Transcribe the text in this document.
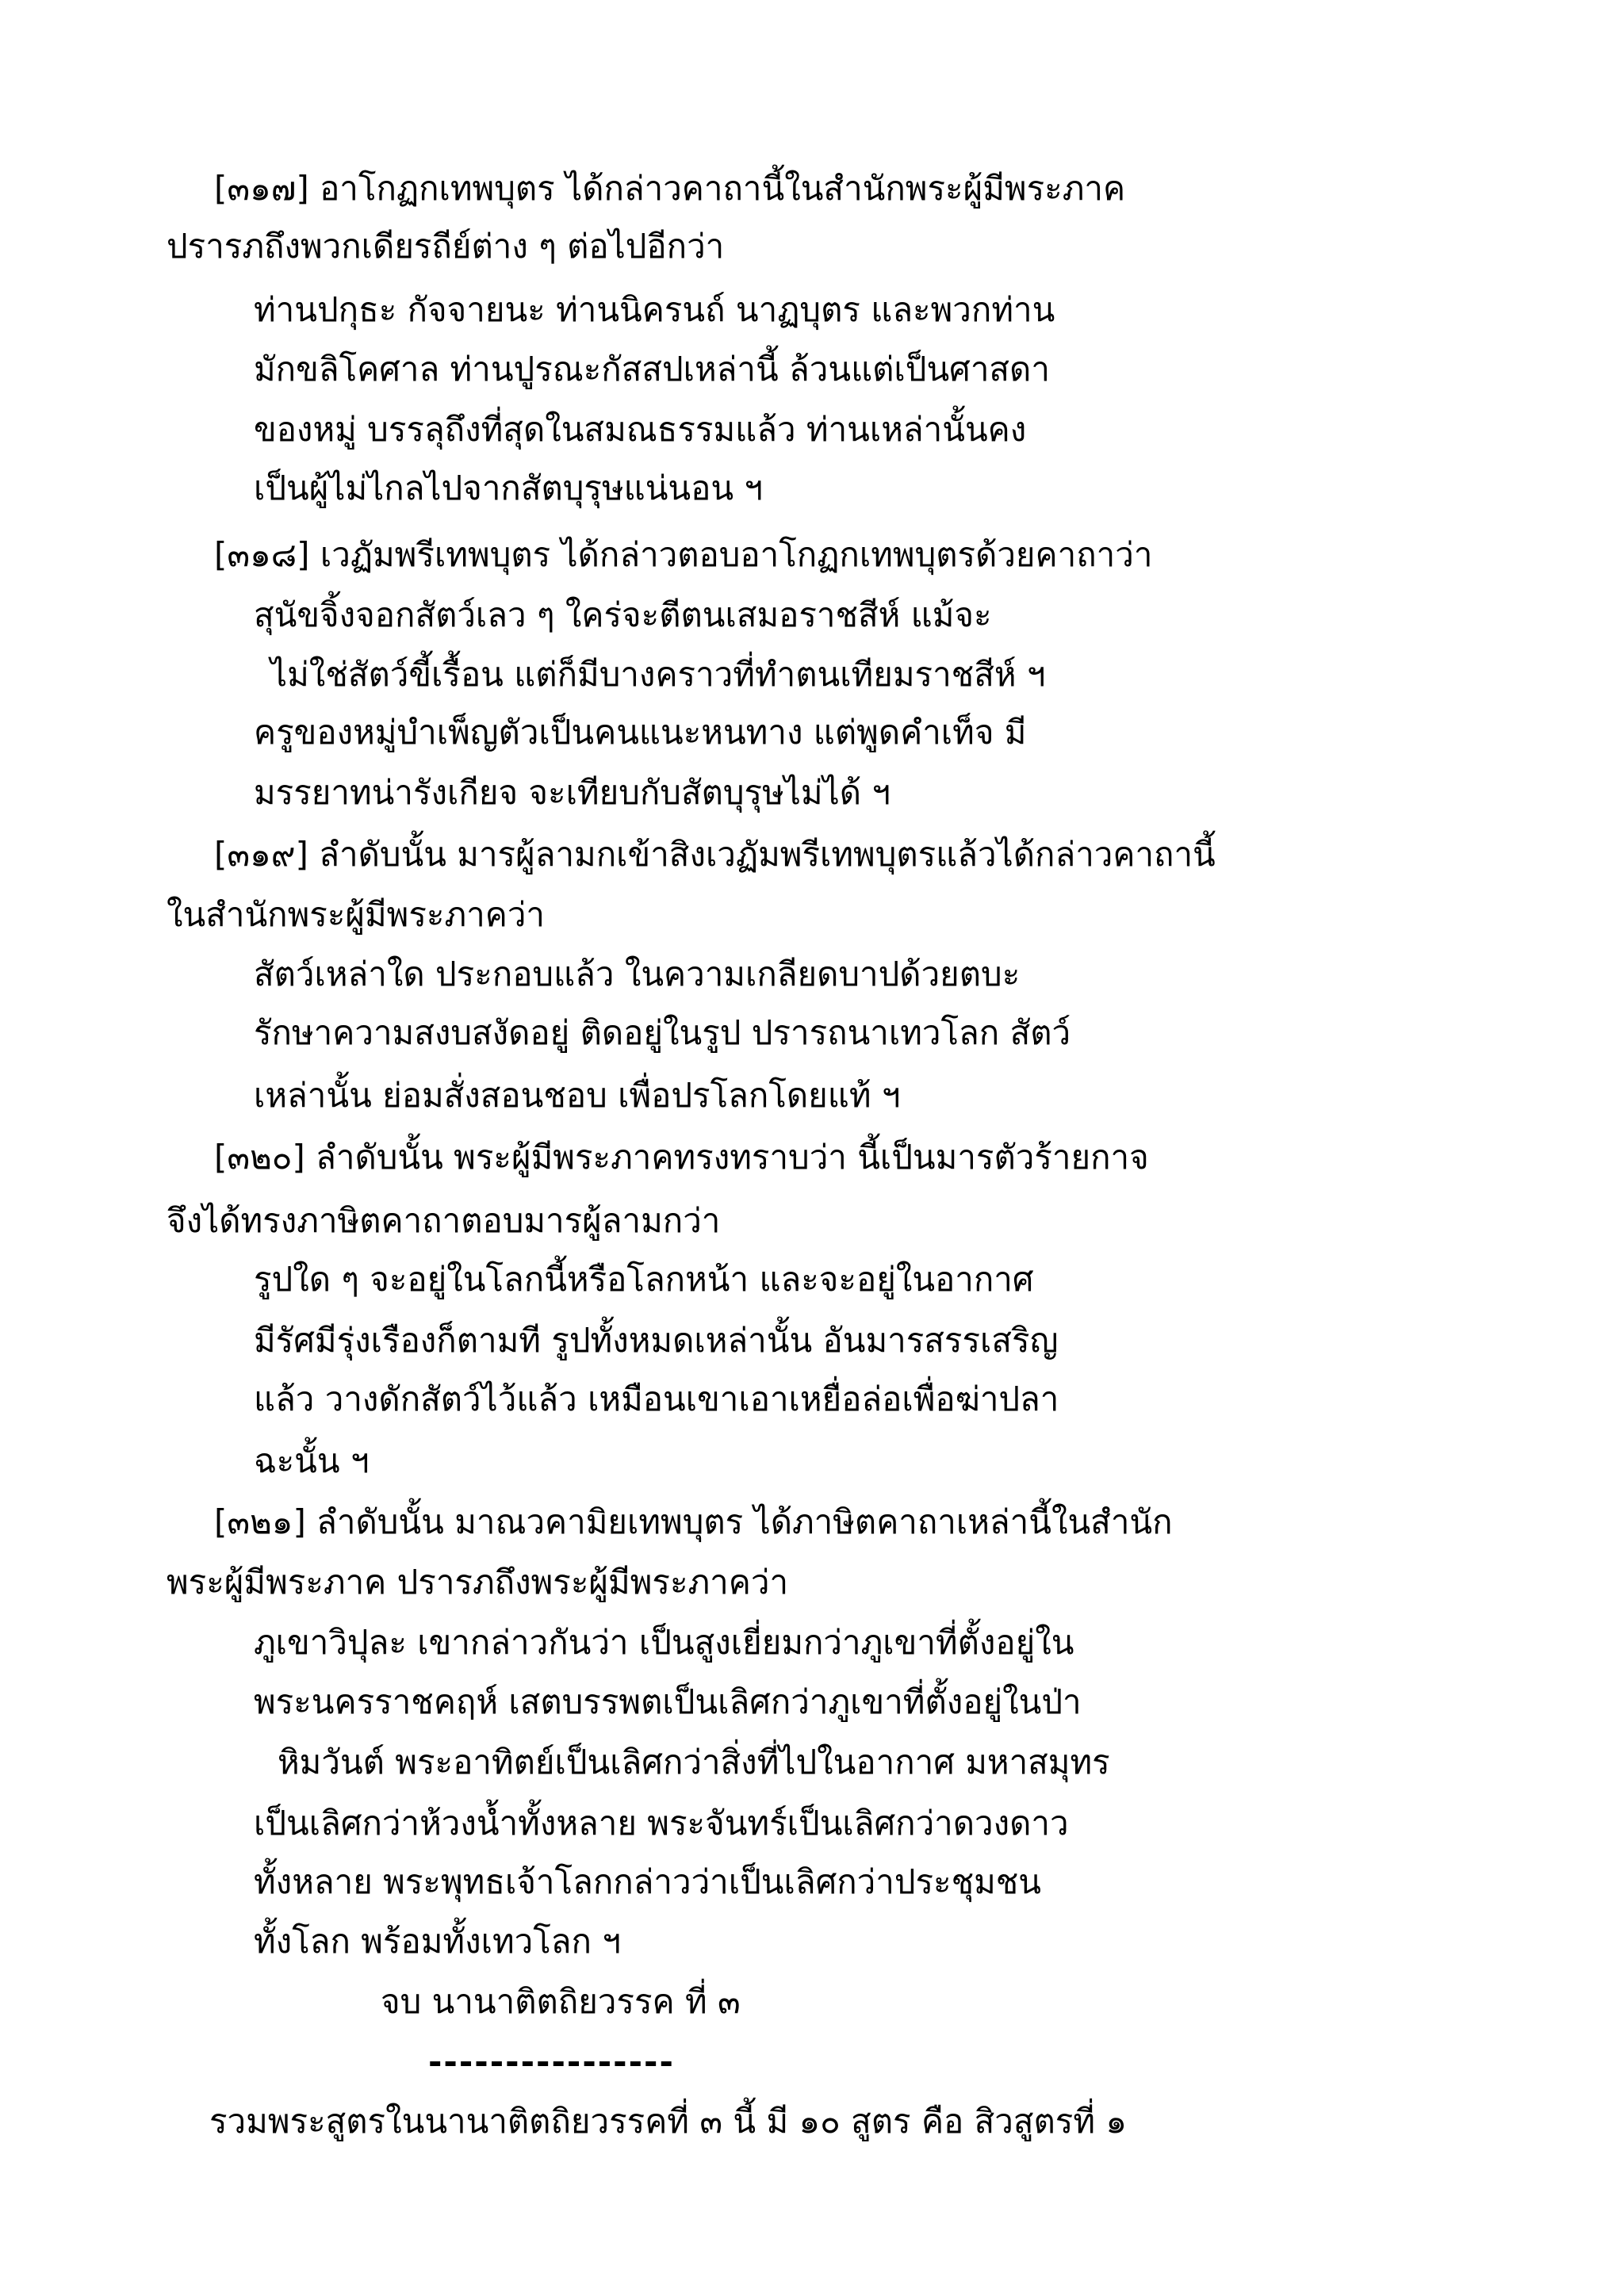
[๓๑๗] อาโกฏกเทพบุตร ได้กล่าวคาถานี้ในสำนักพระผู้มีพระภาค
ปรารภถึงพวกเดียรถีย์ต่าง ๆ ต่อไปอีกว่า
ท่านปกุธะ กัจจายนะ ท่านนิครนถ์ นาฏบุตร และพวกท่าน
มักขลิโคศาล ท่านปูรณะกัสสปเหล่านี้ ล้วนแต่เป็นศาสดา
ของหมู่ บรรลุถึงที่สุดในสมณธรรมแล้ว ท่านเหล่านั้นคง
เป็นผู้ไม่ไกลไปจากสัตบุรุษแน่นอน ฯ
[๓๑๘] เวฏัมพรีเทพบุตร ได้กล่าวตอบอาโกฏกเทพบุตรด้วยคาถาว่า
สุนัขจิ้งจอกสัตว์เลว ๆ ใคร่จะตีตนเสมอราชสีห์ แม้จะ
ไม่ใช่สัตว์ขี้เรื้อน แต่ก็มีบางคราวที่ทำตนเทียมราชสีห์ ฯ
ครูของหมู่บำเพ็ญตัวเป็นคนแนะหนทาง แต่พูดคำเท็จ มี
มรรยาทน่ารังเกียจ จะเทียบกับสัตบุรุษไม่ได้ ฯ
[๓๑๙] ลำดับนั้น มารผู้ลามกเข้าสิงเวฏัมพรีเทพบุตรแล้วได้กล่าวคาถานี้
ในสำนักพระผู้มีพระภาคว่า
สัตว์เหล่าใด ประกอบแล้ว ในความเกลียดบาปด้วยตบะ
รักษาความสงบสงัดอยู่ ติดอยู่ในรูป ปรารถนาเทวโลก สัตว์
เหล่านั้น ย่อมสั่งสอนชอบ เพื่อปรโลกโดยแท้ ฯ
[๓๒๐] ลำดับนั้น พระผู้มีพระภาคทรงทราบว่า นี้เป็นมารตัวร้ายกาจ
จึงได้ทรงภาษิตคาถาตอบมารผู้ลามกว่า
รูปใด ๆ จะอยู่ในโลกนี้หรือโลกหน้า และจะอยู่ในอากาศ
มีรัศมีรุ่งเรืองก็ตามที รูปทั้งหมดเหล่านั้น อันมารสรรเสริญ
แล้ว วางดักสัตว์ไว้แล้ว เหมือนเขาเอาเหยื่อล่อเพื่อฆ่าปลา
ฉะนั้น ฯ
[๓๒๑] ลำดับนั้น มาณวคามิยเทพบุตร ได้ภาษิตคาถาเหล่านี้ในสำนัก
พระผู้มีพระภาค ปรารภถึงพระผู้มีพระภาคว่า
ภูเขาวิปุละ เขากล่าวกันว่า เป็นสูงเยี่ยมกว่าภูเขาที่ตั้งอยู่ใน
พระนครราชคฤห์ เสตบรรพตเป็นเลิศกว่าภูเขาที่ตั้งอยู่ในป่า
หิมวันต์ พระอาทิตย์เป็นเลิศกว่าสิ่งที่ไปในอากาศ มหาสมุทร
เป็นเลิศกว่าห้วงน้ำทั้งหลาย พระจันทร์เป็นเลิศกว่าดวงดาว
ทั้งหลาย พระพุทธเจ้าโลกกล่าวว่าเป็นเลิศกว่าประชุมชน
ทั้งโลก พร้อมทั้งเทวโลก ฯ
จบ นานาติตถิยวรรค ที่ ๓
----------------
รวมพระสูตรในนานาติตถิยวรรคที่ ๓ นี้ มี ๑๐ สูตร คือ สิวสูตรที่ ๑
